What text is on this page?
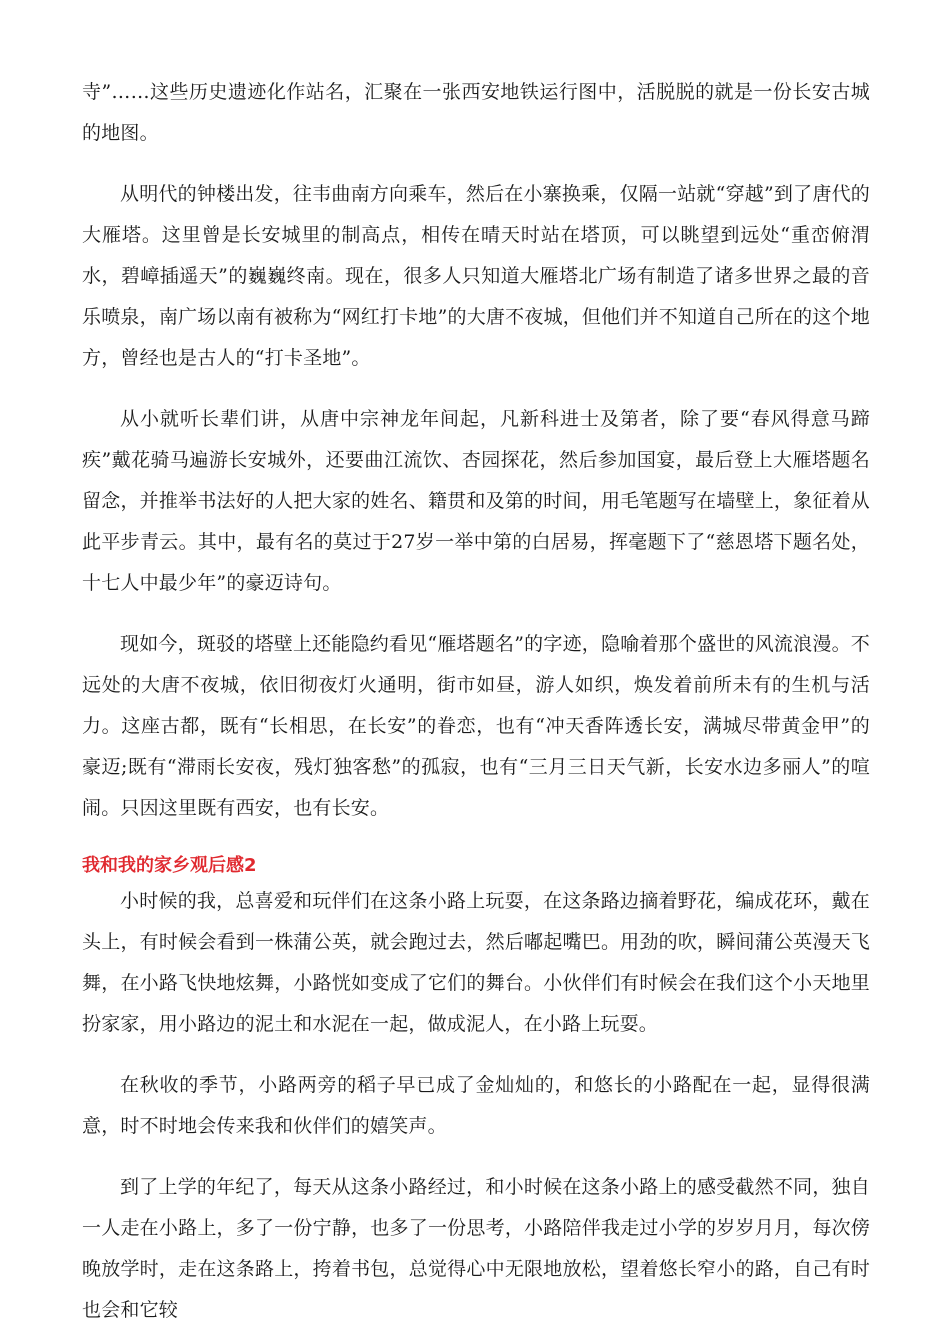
寺”……这些历史遗迹化作站名，汇聚在一张西安地铁运行图中，活脱脱的就是一份长安古城的地图。

从明代的钟楼出发，往韦曲南方向乘车，然后在小寨换乘，仅隔一站就“穿越”到了唐代的大雁塔。这里曾是长安城里的制高点，相传在晴天时站在塔顶，可以眺望到远处“重峦俯渭水，碧嶂插遥天”的巍巍终南。现在，很多人只知道大雁塔北广场有制造了诸多世界之最的音乐喷泉，南广场以南有被称为“网红打卡地”的大唐不夜城，但他们并不知道自己所在的这个地方，曾经也是古人的“打卡圣地”。

从小就听长辈们讲，从唐中宗神龙年间起，凡新科进士及第者，除了要“春风得意马蹄疾”戴花骑马遍游长安城外，还要曲江流饮、杏园探花，然后参加国宴，最后登上大雁塔题名留念，并推举书法好的人把大家的姓名、籍贯和及第的时间，用毛笔题写在墙壁上，象征着从此平步青云。其中，最有名的莫过于27岁一举中第的白居易，挥毫题下了“慈恩塔下题名处，十七人中最少年”的豪迈诗句。

现如今，斑驳的塔壁上还能隐约看见“雁塔题名”的字迹，隐喻着那个盛世的风流浪漫。不远处的大唐不夜城，依旧彻夜灯火通明，街市如昼，游人如织，焕发着前所未有的生机与活力。这座古都，既有“长相思，在长安”的眷恋，也有“冲天香阵透长安，满城尽带黄金甲”的豪迈;既有“滞雨长安夜，残灯独客愁”的孤寂，也有“三月三日天气新，长安水边多丽人”的喧闹。只因这里既有西安，也有长安。

我和我的家乡观后感2

小时候的我，总喜爱和玩伴们在这条小路上玩耍，在这条路边摘着野花，编成花环，戴在头上，有时候会看到一株蒲公英，就会跑过去，然后嘟起嘴巴。用劲的吹，瞬间蒲公英漫天飞舞，在小路飞快地炫舞，小路恍如变成了它们的舞台。小伙伴们有时候会在我们这个小天地里扮家家，用小路边的泥土和水泥在一起，做成泥人，在小路上玩耍。

在秋收的季节，小路两旁的稻子早已成了金灿灿的，和悠长的小路配在一起，显得很满意，时不时地会传来我和伙伴们的嬉笑声。

到了上学的年纪了，每天从这条小路经过，和小时候在这条小路上的感受截然不同，独自一人走在小路上，多了一份宁静，也多了一份思考，小路陪伴我走过小学的岁岁月月，每次傍晚放学时，走在这条路上，挎着书包，总觉得心中无限地放松，望着悠长窄小的路，自己有时也会和它较
